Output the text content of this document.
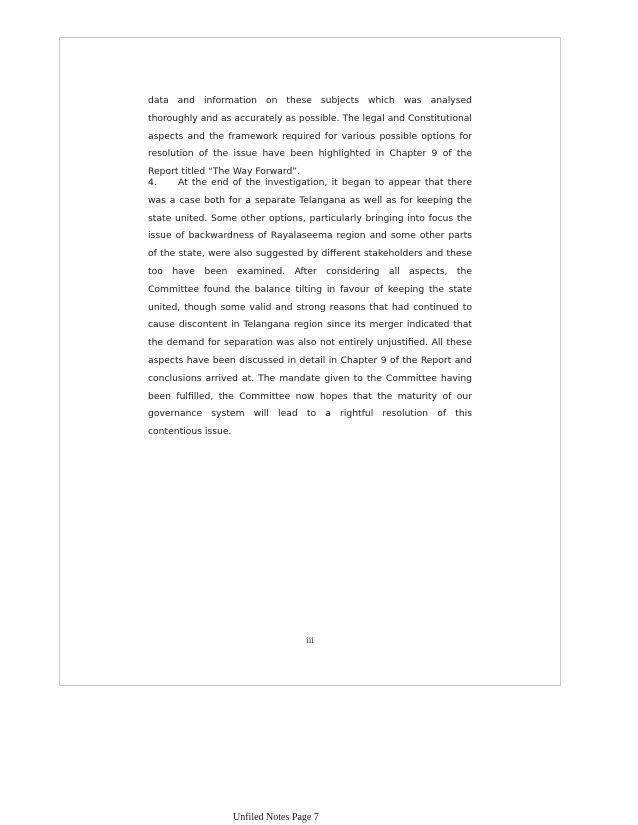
data and information on these subjects which was analysed thoroughly and as accurately as possible. The legal and Constitutional aspects and the framework required for various possible options for resolution of the issue have been highlighted in Chapter 9 of the Report titled “The Way Forward”.

4. At the end of the investigation, it began to appear that there was a case both for a separate Telangana as well as for keeping the state united. Some other options, particularly bringing into focus the issue of backwardness of Rayalaseema region and some other parts of the state, were also suggested by different stakeholders and these too have been examined. After considering all aspects, the Committee found the balance tilting in favour of keeping the state united, though some valid and strong reasons that had continued to cause discontent in Telangana region since its merger indicated that the demand for separation was also not entirely unjustified. All these aspects have been discussed in detail in Chapter 9 of the Report and conclusions arrived at. The mandate given to the Committee having been fulfilled, the Committee now hopes that the maturity of our governance system will lead to a rightful resolution of this contentious issue.

iii
Unfiled Notes Page 7
